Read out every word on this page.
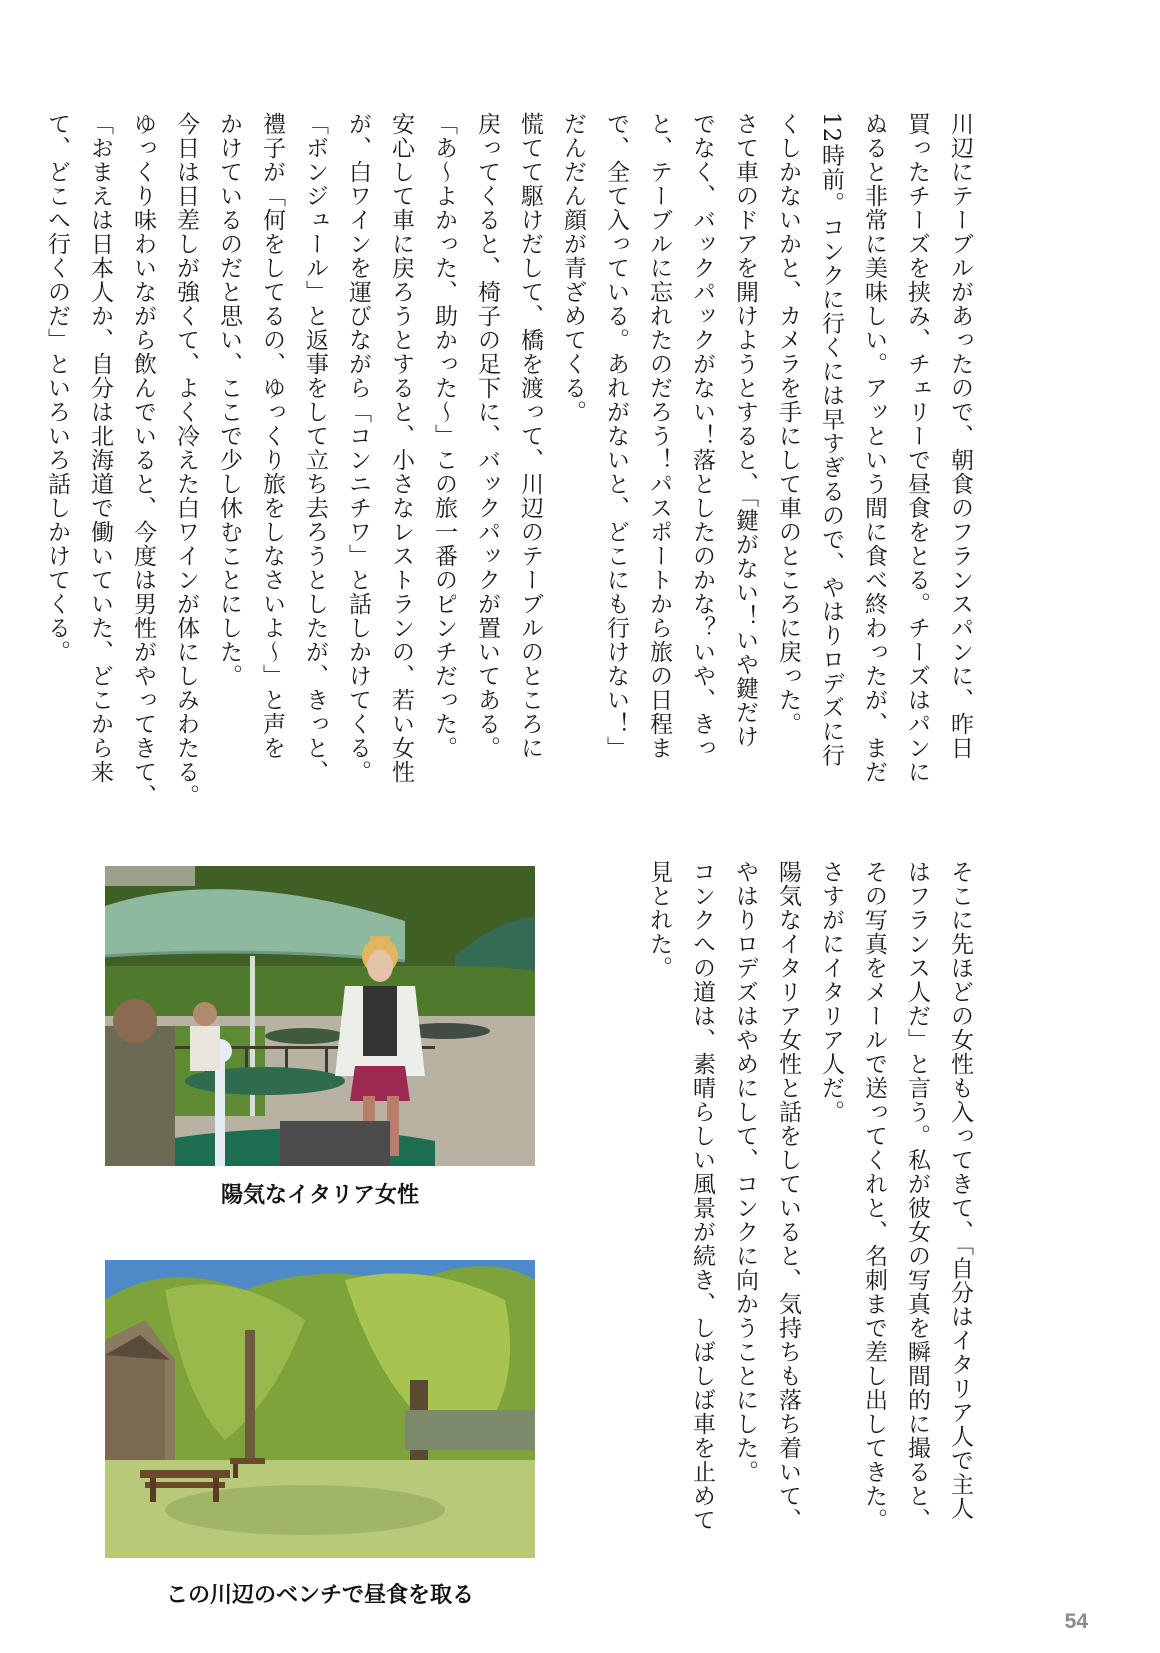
川辺にテーブルがあったので、朝食のフランスパンに、昨日
買ったチーズを挟み、チェリーで昼食をとる。チーズはパンに
ぬると非常に美味しい。アッという間に食べ終わったが、まだ
12時前。コンクに行くには早すぎるので、やはりロデズに行
くしかないかと、カメラを手にして車のところに戻った。
さて車のドアを開けようとすると、「鍵がない！いや鍵だけ
でなく、バックパックがない！落としたのかな？いや、きっ
と、テーブルに忘れたのだろう！パスポートから旅の日程ま
で、全て入っている。あれがないと、どこにも行けない！」
だんだん顔が青ざめてくる。
慌てて駆けだして、橋を渡って、川辺のテーブルのところに
戻ってくると、椅子の足下に、バックパックが置いてある。
「あ～よかった、助かった～」この旅一番のピンチだった。
安心して車に戻ろうとすると、小さなレストランの、若い女性
が、白ワインを運びながら「コンニチワ」と話しかけてくる。
「ボンジュール」と返事をして立ち去ろうとしたが、きっと、
禮子が「何をしてるの、ゆっくり旅をしなさいよ～」と声を
かけているのだと思い、ここで少し休むことにした。
今日は日差しが強くて、よく冷えた白ワインが体にしみわたる。
ゆっくり味わいながら飲んでいると、今度は男性がやってきて、
「おまえは日本人か、自分は北海道で働いていた、どこから来
て、どこへ行くのだ」といろいろ話しかけてくる。
そこに先ほどの女性も入ってきて、「自分はイタリア人で主人
はフランス人だ」と言う。私が彼女の写真を瞬間的に撮ると、
その写真をメールで送ってくれと、名刺まで差し出してきた。
さすがにイタリア人だ。
陽気なイタリア女性と話をしていると、気持ちも落ち着いて、
やはりロデズはやめにして、コンクに向かうことにした。
コンクへの道は、素晴らしい風景が続き、しばしば車を止めて
見とれた。
陽気なイタリア女性
この川辺のベンチで昼食を取る
54
